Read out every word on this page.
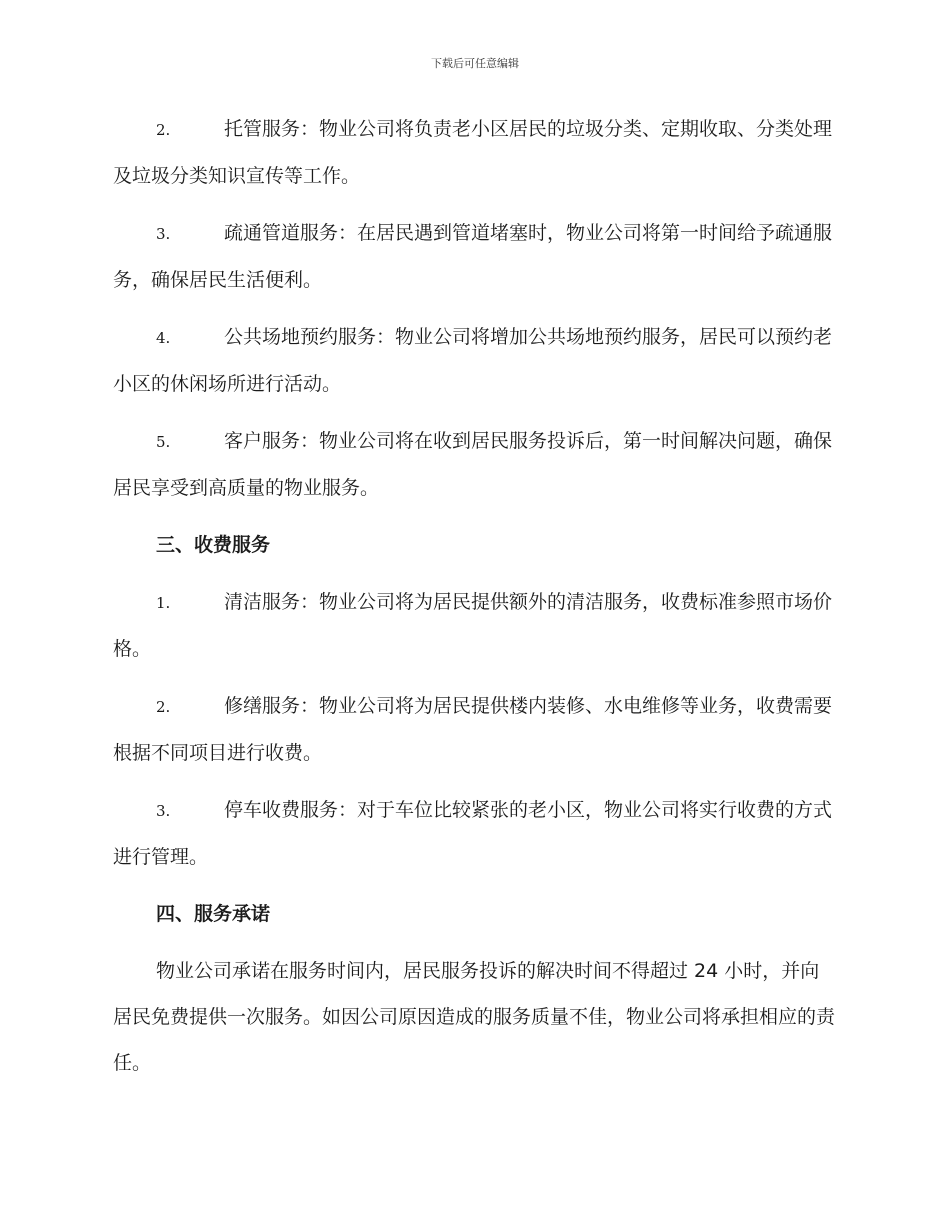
下载后可任意编辑
2.	托管服务：物业公司将负责老小区居民的垃圾分类、定期收取、分类处理及垃圾分类知识宣传等工作。
3.	疏通管道服务：在居民遇到管道堵塞时，物业公司将第一时间给予疏通服务，确保居民生活便利。
4.	公共场地预约服务：物业公司将增加公共场地预约服务，居民可以预约老小区的休闲场所进行活动。
5.	客户服务：物业公司将在收到居民服务投诉后，第一时间解决问题，确保居民享受到高质量的物业服务。
三、收费服务
1.	清洁服务：物业公司将为居民提供额外的清洁服务，收费标准参照市场价格。
2.	修缮服务：物业公司将为居民提供楼内装修、水电维修等业务，收费需要根据不同项目进行收费。
3.	停车收费服务：对于车位比较紧张的老小区，物业公司将实行收费的方式进行管理。
四、服务承诺
物业公司承诺在服务时间内，居民服务投诉的解决时间不得超过 24 小时，并向居民免费提供一次服务。如因公司原因造成的服务质量不佳，物业公司将承担相应的责任。
